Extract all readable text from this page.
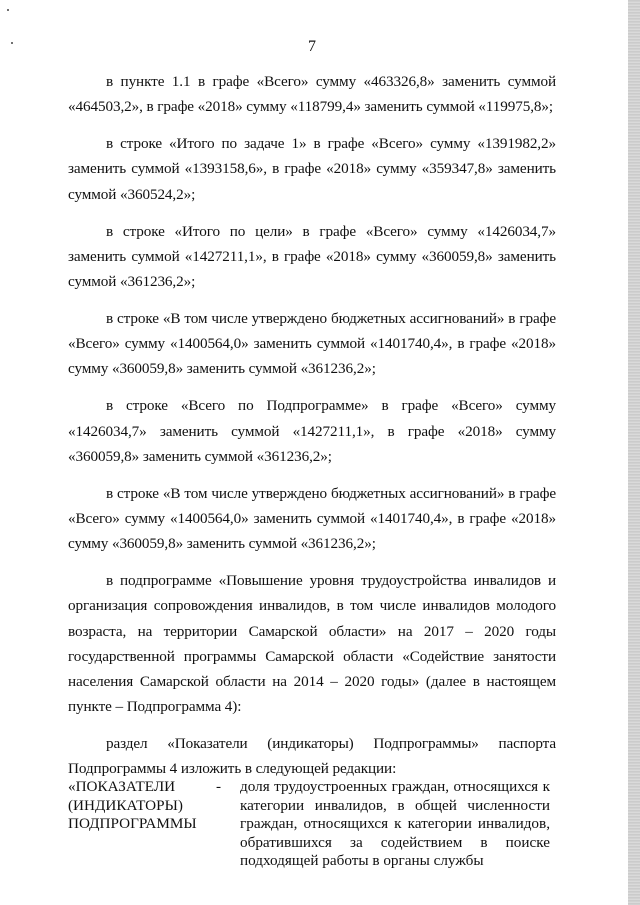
7

в пункте 1.1 в графе «Всего» сумму «463326,8» заменить суммой «464503,2», в графе «2018» сумму «118799,4» заменить суммой «119975,8»;

в строке «Итого по задаче 1» в графе «Всего» сумму «1391982,2» заменить суммой «1393158,6», в графе «2018» сумму «359347,8» заменить суммой «360524,2»;

в строке «Итого по цели» в графе «Всего» сумму «1426034,7» заменить суммой «1427211,1», в графе «2018» сумму «360059,8» заменить суммой «361236,2»;

в строке «В том числе утверждено бюджетных ассигнований» в графе «Всего» сумму «1400564,0» заменить суммой «1401740,4», в графе «2018» сумму «360059,8» заменить суммой «361236,2»;

в строке «Всего по Подпрограмме» в графе «Всего» сумму «1426034,7» заменить суммой «1427211,1», в графе «2018» сумму «360059,8» заменить суммой «361236,2»;

в строке «В том числе утверждено бюджетных ассигнований» в графе «Всего» сумму «1400564,0» заменить суммой «1401740,4», в графе «2018» сумму «360059,8» заменить суммой «361236,2»;

в подпрограмме «Повышение уровня трудоустройства инвалидов и организация сопровождения инвалидов, в том числе инвалидов молодого возраста, на территории Самарской области» на 2017 – 2020 годы государственной программы Самарской области «Содействие занятости населения Самарской области на 2014 – 2020 годы» (далее в настоящем пункте – Подпрограмма 4):

раздел «Показатели (индикаторы) Подпрограммы» паспорта Подпрограммы 4 изложить в следующей редакции:

«ПОКАЗАТЕЛИ
(ИНДИКАТОРЫ)
ПОДПРОГРАММЫ
-	доля трудоустроенных граждан, относящихся к категории инвалидов, в общей численности граждан, относящихся к категории инвалидов, обратившихся за содействием в поиске подходящей работы в органы службы
